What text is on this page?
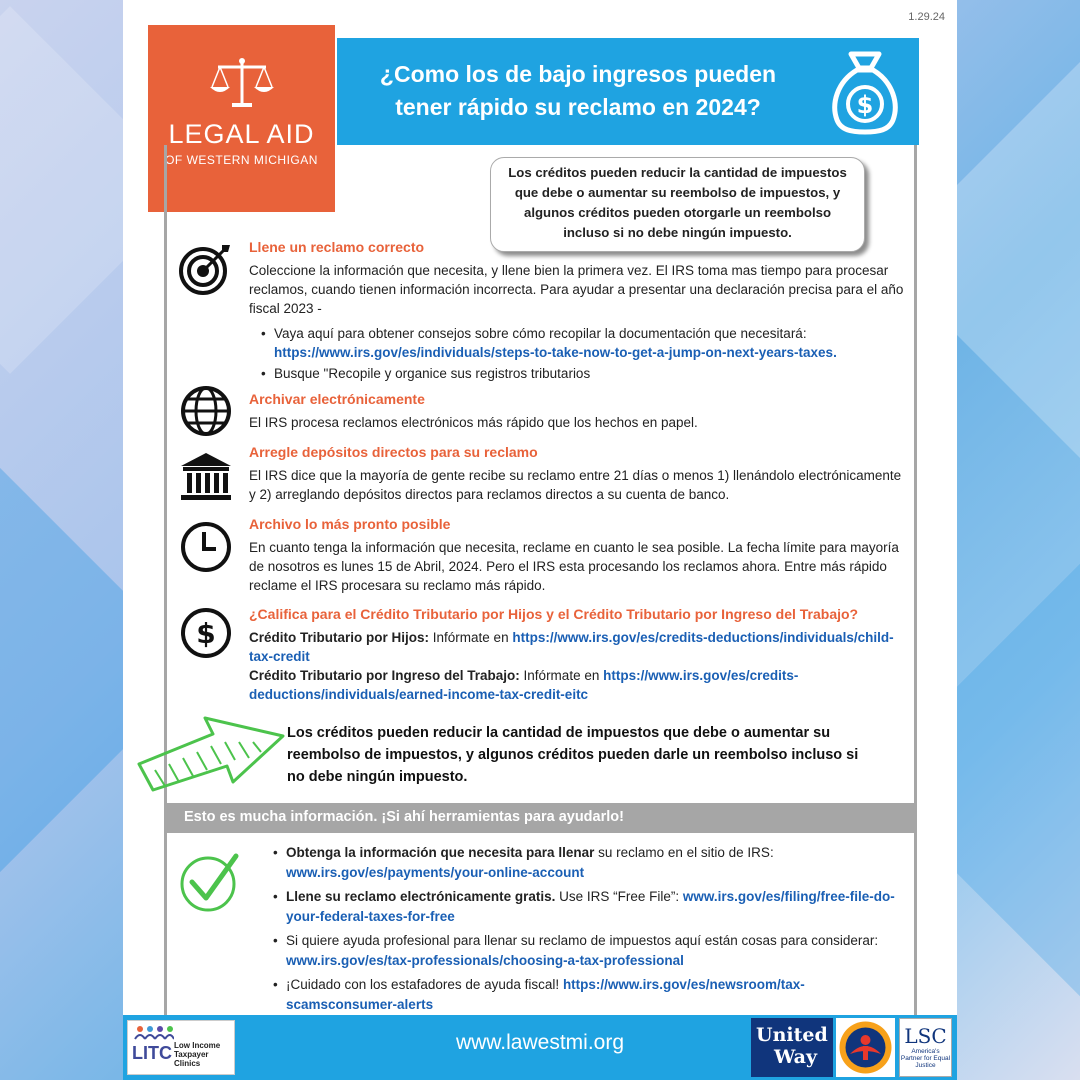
1.29.24
¿Como los de bajo ingresos pueden
tener rápido su reclamo en 2024?	$
LEGAL AID
OF WESTERN MICHIGAN
Los créditos pueden reducir la cantidad de impuestos que debe o aumentar su reembolso de impuestos, y algunos créditos pueden otorgarle un reembolso incluso si no debe ningún impuesto.
Llene un reclamo correcto
Coleccione la información que necesita, y llene bien la primera vez. El IRS toma mas tiempo para procesar reclamos, cuando tienen información incorrecta. Para ayudar a presentar una declaración precisa para el año fiscal 2023 -
• Vaya aquí para obtener consejos sobre cómo recopilar la documentación que necesitará:
https://www.irs.gov/es/individuals/steps-to-take-now-to-get-a-jump-on-next-years-taxes.
• Busque "Recopile y organice sus registros tributarios
Archivar electrónicamente
El IRS procesa reclamos electrónicos más rápido que los hechos en papel.
Arregle depósitos directos para su reclamo
El IRS dice que la mayoría de gente recibe su reclamo entre 21 días o menos 1) llenándolo electrónicamente y 2) arreglando depósitos directos para reclamos directos a su cuenta de banco.
Archivo lo más pronto posible
En cuanto tenga la información que necesita, reclame en cuanto le sea posible. La fecha límite para mayoría de nosotros es lunes 15 de Abril, 2024. Pero el IRS esta procesando los reclamos ahora. Entre más rápido reclame el IRS procesara su reclamo más rápido.
$
¿Califica para el Crédito Tributario por Hijos y el Crédito Tributario por Ingreso del Trabajo?
Crédito Tributario por Hijos: Infórmate en https://www.irs.gov/es/credits-deductions/individuals/child-tax-credit
Crédito Tributario por Ingreso del Trabajo: Infórmate en https://www.irs.gov/es/credits-deductions/individuals/earned-income-tax-credit-eitc
Los créditos pueden reducir la cantidad de impuestos que debe o aumentar su reembolso de impuestos, y algunos créditos pueden darle un reembolso incluso si no debe ningún impuesto.
Esto es mucha información. ¡Si ahí herramientas para ayudarlo!
• Obtenga la información que necesita para llenar su reclamo en el sitio de IRS:
www.irs.gov/es/payments/your-online-account
• Llene su reclamo electrónicamente gratis. Use IRS “Free File”: www.irs.gov/es/filing/free-file-do-your-federal-taxes-for-free
• Si quiere ayuda profesional para llenar su reclamo de impuestos aquí están cosas para considerar: www.irs.gov/es/tax-professionals/choosing-a-tax-professional
• ¡Cuidado con los estafadores de ayuda fiscal! https://www.irs.gov/es/newsroom/tax-scamsconsumer-alerts
LITC Low Income Taxpayer Clinics
www.lawestmi.org	United
Way
LSC
America's Partner for Equal Justice
